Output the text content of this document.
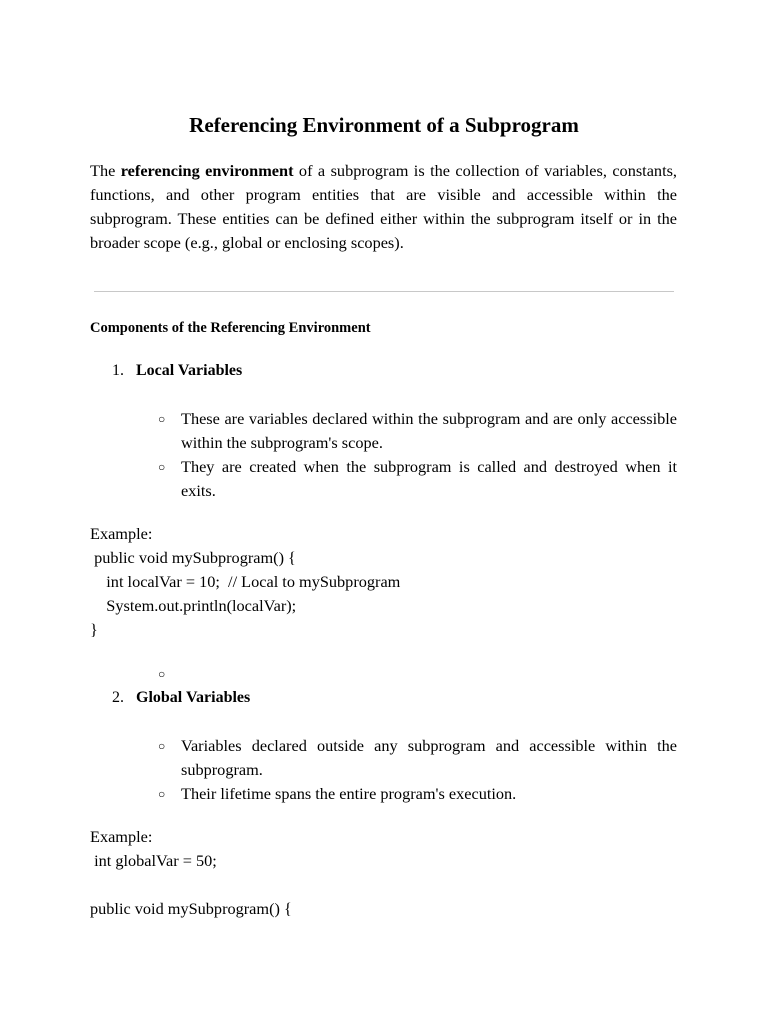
Referencing Environment of a Subprogram
The referencing environment of a subprogram is the collection of variables, constants, functions, and other program entities that are visible and accessible within the subprogram. These entities can be defined either within the subprogram itself or in the broader scope (e.g., global or enclosing scopes).
Components of the Referencing Environment
1. Local Variables
○ These are variables declared within the subprogram and are only accessible within the subprogram's scope.
○ They are created when the subprogram is called and destroyed when it exits.
Example:
public void mySubprogram() {
int localVar = 10;  // Local to mySubprogram
System.out.println(localVar);
}
○
2. Global Variables
○ Variables declared outside any subprogram and accessible within the subprogram.
○ Their lifetime spans the entire program's execution.
Example:
int globalVar = 50;
public void mySubprogram() {
